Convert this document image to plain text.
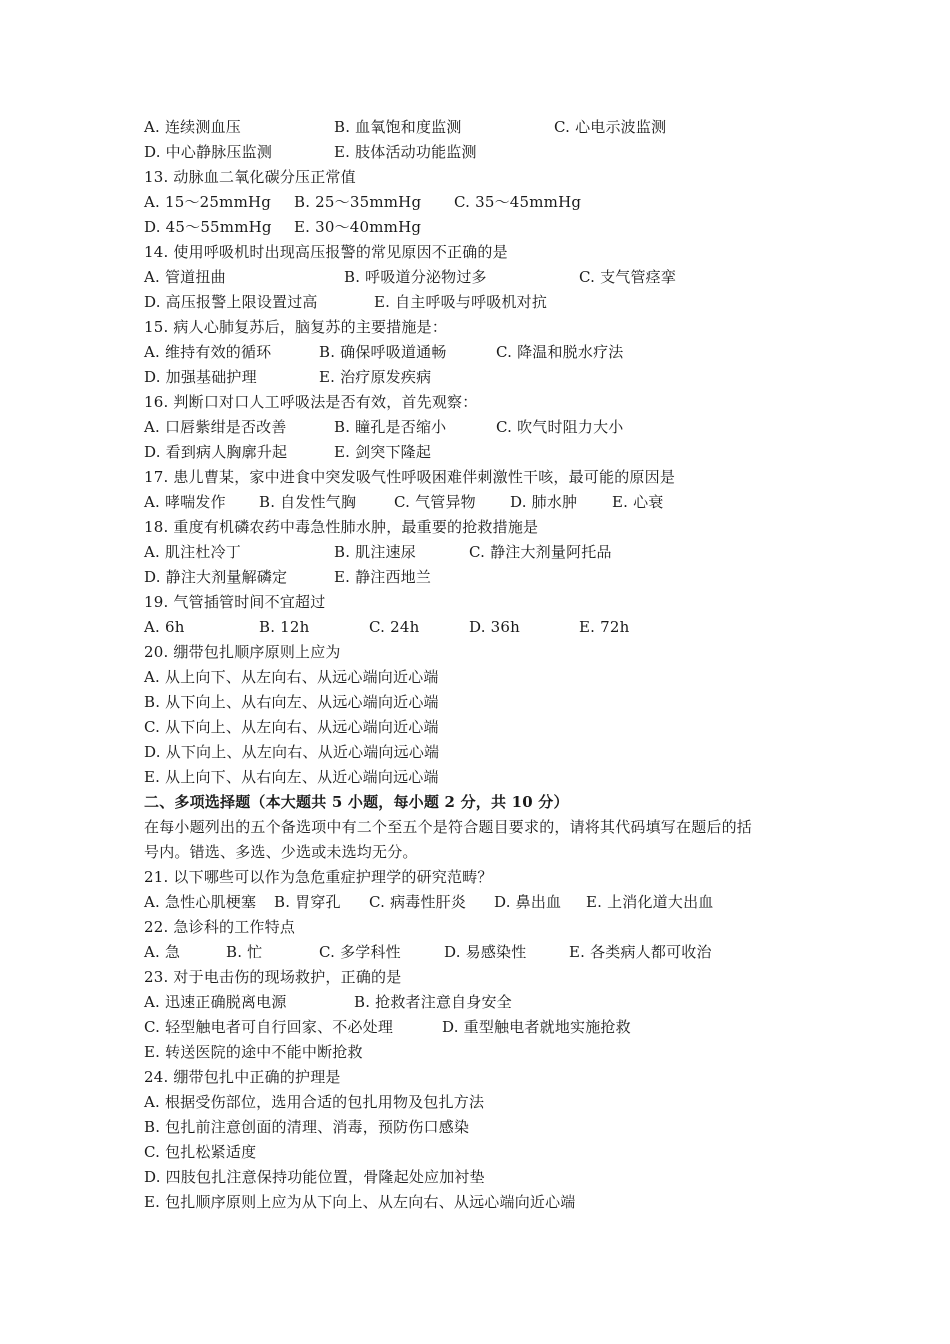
A. 连续测血压	B. 血氧饱和度监测	C. 心电示波监测
D. 中心静脉压监测	E. 肢体活动功能监测
13. 动脉血二氧化碳分压正常值
A. 15～25mmHg B. 25～35mmHg C. 35～45mmHg
D. 45～55mmHg E. 30～40mmHg
14. 使用呼吸机时出现高压报警的常见原因不正确的是
A. 管道扭曲	B. 呼吸道分泌物过多	C. 支气管痉挛
D. 高压报警上限设置过高	E. 自主呼吸与呼吸机对抗
15. 病人心肺复苏后，脑复苏的主要措施是：
A. 维持有效的循环	B. 确保呼吸道通畅	C. 降温和脱水疗法
D. 加强基础护理	E. 治疗原发疾病
16. 判断口对口人工呼吸法是否有效，首先观察：
A. 口唇紫绀是否改善	B. 瞳孔是否缩小	C. 吹气时阻力大小
D. 看到病人胸廓升起	E. 剑突下隆起
17. 患儿曹某，家中进食中突发吸气性呼吸困难伴刺激性干咳，最可能的原因是
A. 哮喘发作 B. 自发性气胸	C. 气管异物 D. 肺水肿 E. 心衰
18. 重度有机磷农药中毒急性肺水肿，最重要的抢救措施是
A. 肌注杜冷丁	B. 肌注速尿	C. 静注大剂量阿托品
D. 静注大剂量解磷定	E. 静注西地兰
19. 气管插管时间不宜超过
A. 6h	B. 12h	C. 24h	D. 36h	E. 72h
20. 绷带包扎顺序原则上应为
A. 从上向下、从左向右、从远心端向近心端
B. 从下向上、从右向左、从远心端向近心端
C. 从下向上、从左向右、从远心端向近心端
D. 从下向上、从左向右、从近心端向远心端
E. 从上向下、从右向左、从近心端向远心端
二、多项选择题（本大题共 5 小题，每小题 2 分，共 10 分）
在每小题列出的五个备选项中有二个至五个是符合题目要求的，请将其代码填写在题后的括
号内。错选、多选、少选或未选均无分。
21. 以下哪些可以作为急危重症护理学的研究范畴？
A. 急性心肌梗塞 B. 胃穿孔 C. 病毒性肝炎 D. 鼻出血 E. 上消化道大出血
22. 急诊科的工作特点
A. 急	B. 忙	C. 多学科性	D. 易感染性	E. 各类病人都可收治
23. 对于电击伤的现场救护，正确的是
A. 迅速正确脱离电源	B. 抢救者注意自身安全
C. 轻型触电者可自行回家、不必处理	D. 重型触电者就地实施抢救
E. 转送医院的途中不能中断抢救
24. 绷带包扎中正确的护理是
A. 根据受伤部位，选用合适的包扎用物及包扎方法
B. 包扎前注意创面的清理、消毒，预防伤口感染
C. 包扎松紧适度
D. 四肢包扎注意保持功能位置，骨隆起处应加衬垫
E. 包扎顺序原则上应为从下向上、从左向右、从远心端向近心端
